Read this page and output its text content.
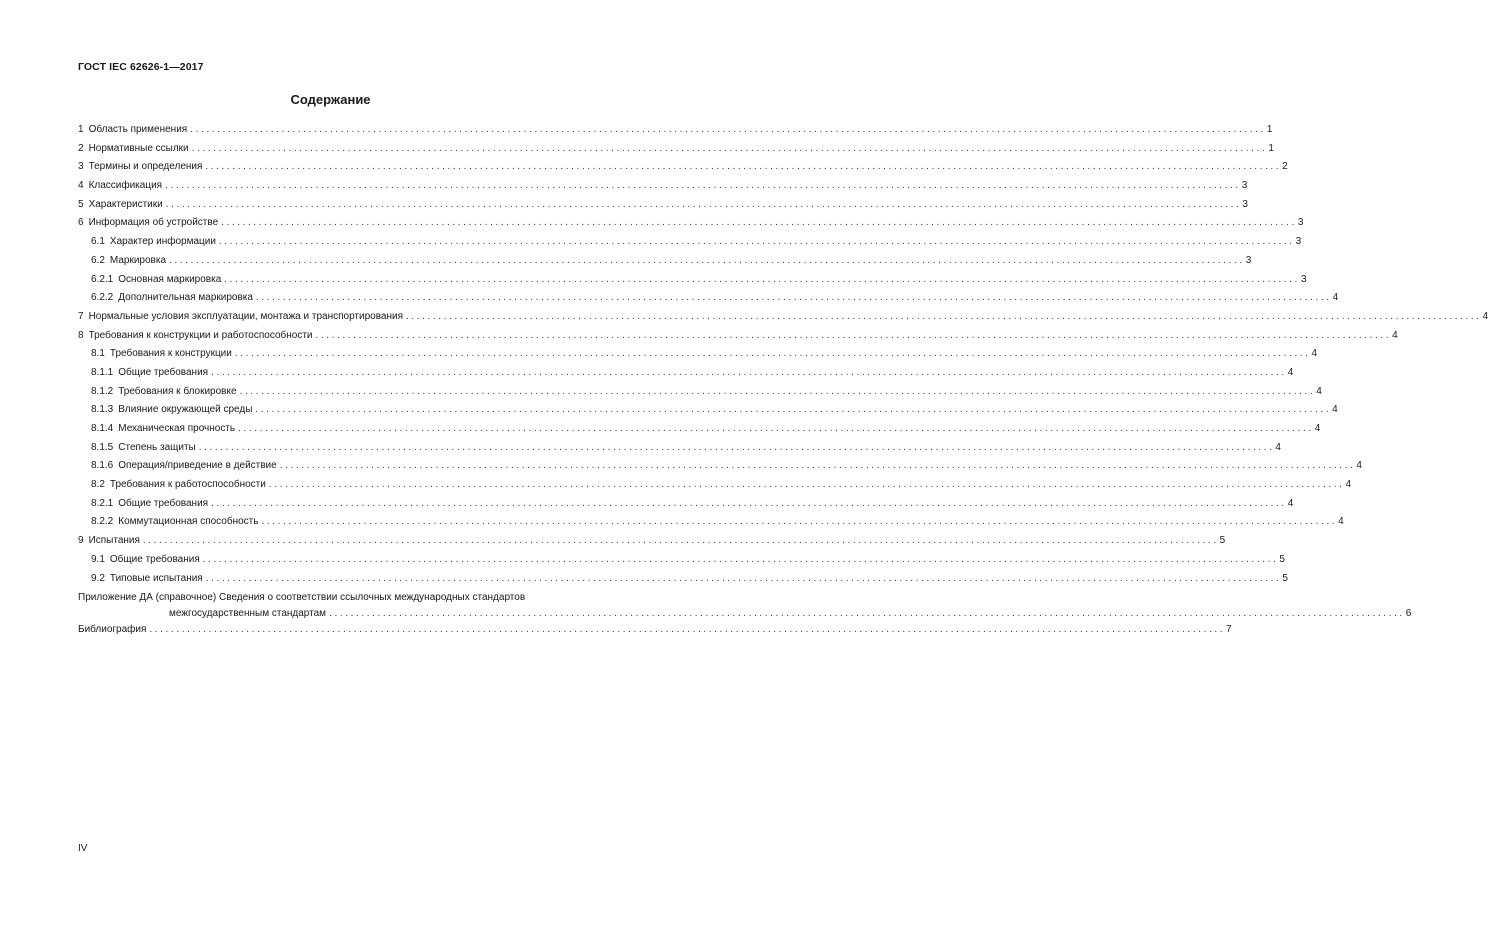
ГОСТ IEC 62626-1—2017
Содержание
1 Область применения ........................................................................................................................................................................................................ 1
2 Нормативные ссылки ........................................................................................................................................................................................................ 1
3 Термины и определения ........................................................................................................................................................................................................ 2
4 Классификация ........................................................................................................................................................................................................ 3
5 Характеристики ........................................................................................................................................................................................................ 3
6 Информация об устройстве ........................................................................................................................................................................................................ 3
6.1 Характер информации ........................................................................................................................................................................................................ 3
6.2 Маркировка ........................................................................................................................................................................................................ 3
6.2.1 Основная маркировка ........................................................................................................................................................................................................ 3
6.2.2 Дополнительная маркировка ........................................................................................................................................................................................................ 4
7 Нормальные условия эксплуатации, монтажа и транспортирования ........................................................................................................................................................................................................ 4
8 Требования к конструкции и работоспособности ........................................................................................................................................................................................................ 4
8.1 Требования к конструкции ........................................................................................................................................................................................................ 4
8.1.1 Общие требования ........................................................................................................................................................................................................ 4
8.1.2 Требования к блокировке ........................................................................................................................................................................................................ 4
8.1.3 Влияние окружающей среды ........................................................................................................................................................................................................ 4
8.1.4 Механическая прочность ........................................................................................................................................................................................................ 4
8.1.5 Степень защиты ........................................................................................................................................................................................................ 4
8.1.6 Операция/приведение в действие ........................................................................................................................................................................................................ 4
8.2 Требования к работоспособности ........................................................................................................................................................................................................ 4
8.2.1 Общие требования ........................................................................................................................................................................................................ 4
8.2.2 Коммутационная способность ........................................................................................................................................................................................................ 4
9 Испытания ........................................................................................................................................................................................................ 5
9.1 Общие требования ........................................................................................................................................................................................................ 5
9.2 Типовые испытания ........................................................................................................................................................................................................ 5
Приложение ДА (справочное) Сведения о соответствии ссылочных международных стандартов
межгосударственным стандартам ........................................................................................................................................................................................................ 6
Библиография ........................................................................................................................................................................................................ 7
IV
